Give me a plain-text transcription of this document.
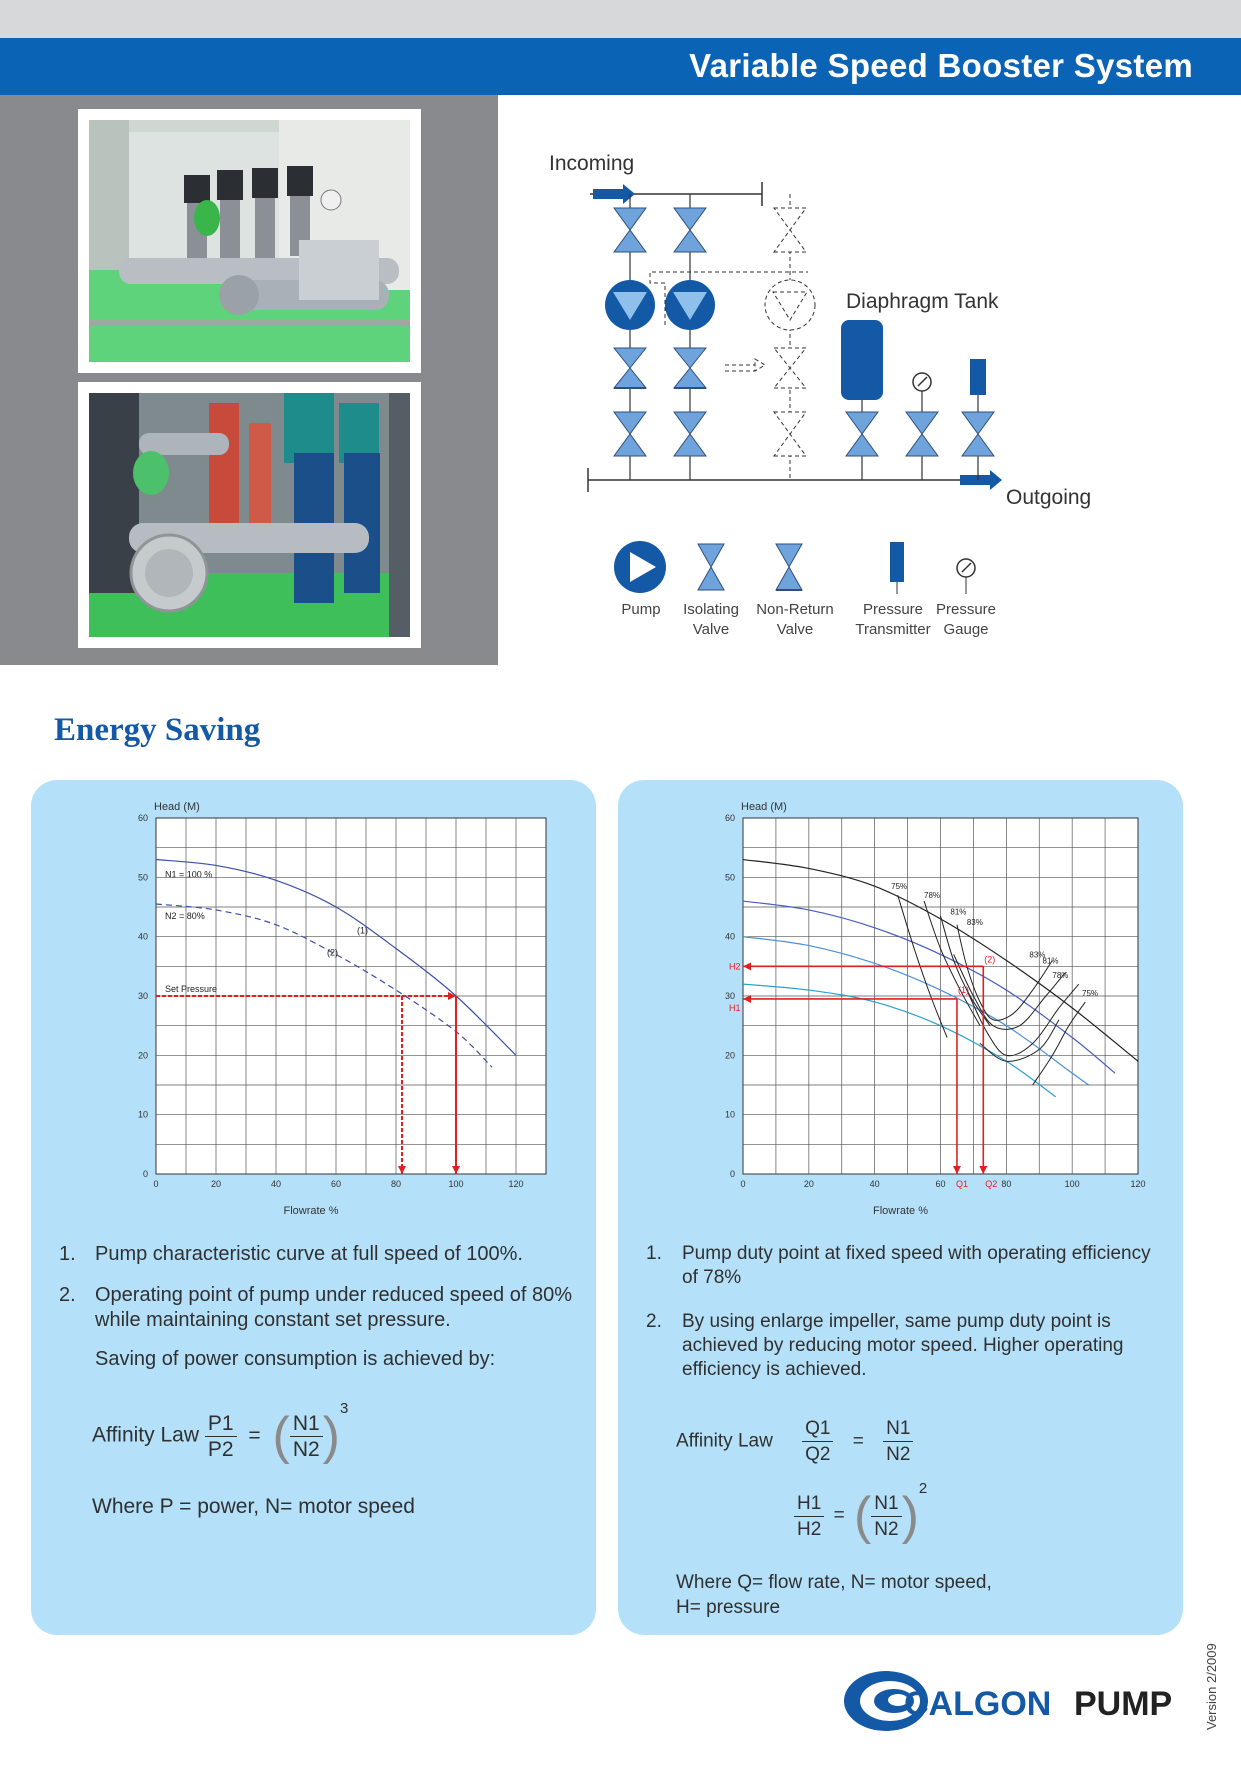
Variable Speed Booster System
Incoming
Diaphragm Tank
Outgoing
Pump	Isolating
Valve
Non-Return
Valve
Pressure
Transmitter
Pressure
Gauge
Energy Saving
0	20	40	60	80	100	120
0
10
20
30
40
50
60
Head (M)
Flowrate %
N1 = 100 %
N2 = 80%
Set Pressure
(1)
(2)
1. Pump characteristic curve at full speed of 100%.
2. Operating point of pump under reduced speed of 80% while maintaining constant set pressure.
Saving of power consumption is achieved by:
Affinity Law $\frac{P1}{P2}$ = ( $\frac{N1}{N2} )^3$
Where P = power, N= motor speed
0	20	40	60	80	100	120
0
10
20
30
40
50
60
Head (M)
Flowrate %
75%
78%
81%
83%
83%
81%
78%
75%
H2
H1
Q1 Q2
(1)
(2)
1. Pump duty point at fixed speed with operating efficiency of 78%
2. By using enlarge impeller, same pump duty point is achieved by reducing motor speed. Higher operating efficiency is achieved.
Affinity Law $\frac{Q1}{Q2} = \frac{N1}{N2}$
$\frac{H1}{H2}$ = ( $\frac{N1}{N2} )^2$
Where Q= flow rate, N= motor speed,
H= pressure
CALGON PUMP Version 2/2009
